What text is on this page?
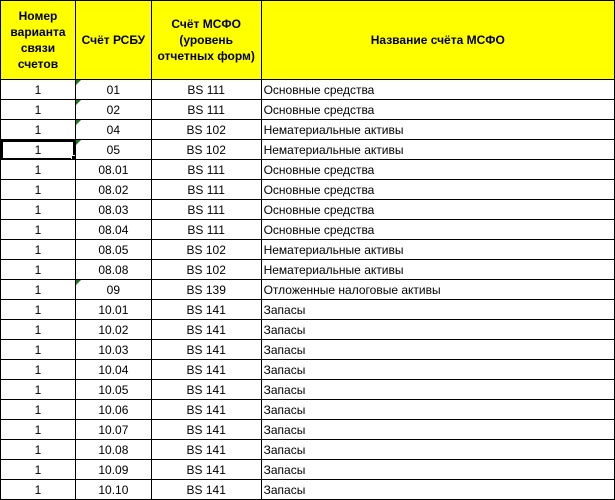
Номер варианта связи счетов	Счёт РСБУ	Счёт МСФО (уровень отчетных форм)	Название счёта МСФО
1	01	BS 111	Основные средства
1	02	BS 111	Основные средства
1	04	BS 102	Нематериальные активы
1	05	BS 102	Нематериальные активы
1	08.01	BS 111	Основные средства
1	08.02	BS 111	Основные средства
1	08.03	BS 111	Основные средства
1	08.04	BS 111	Основные средства
1	08.05	BS 102	Нематериальные активы
1	08.08	BS 102	Нематериальные активы
1	09	BS 139	Отложенные налоговые активы
1	10.01	BS 141	Запасы
1	10.02	BS 141	Запасы
1	10.03	BS 141	Запасы
1	10.04	BS 141	Запасы
1	10.05	BS 141	Запасы
1	10.06	BS 141	Запасы
1	10.07	BS 141	Запасы
1	10.08	BS 141	Запасы
1	10.09	BS 141	Запасы
1	10.10	BS 141	Запасы
